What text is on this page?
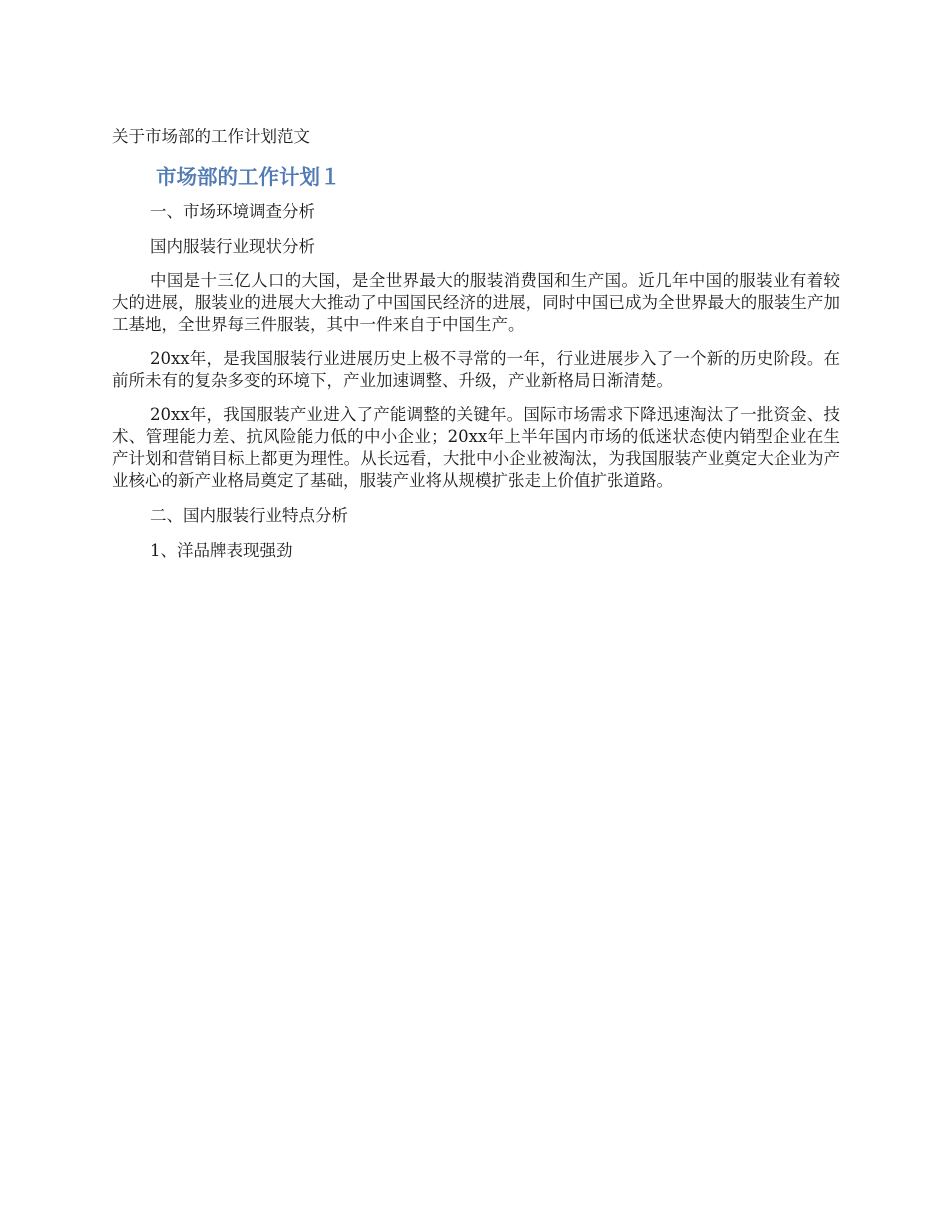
关于市场部的工作计划范文

市场部的工作计划１

一、市场环境调查分析

国内服装行业现状分析

中国是十三亿人口的大国，是全世界最大的服装消费国和生产国。近几年中国的服装业有着较大的进展，服装业的进展大大推动了中国国民经济的进展，同时中国已成为全世界最大的服装生产加工基地，全世界每三件服装，其中一件来自于中国生产。

20xx年，是我国服装行业进展历史上极不寻常的一年，行业进展步入了一个新的历史阶段。在前所未有的复杂多变的环境下，产业加速调整、升级，产业新格局日渐清楚。

20xx年，我国服装产业进入了产能调整的关键年。国际市场需求下降迅速淘汰了一批资金、技术、管理能力差、抗风险能力低的中小企业；20xx年上半年国内市场的低迷状态使内销型企业在生产计划和营销目标上都更为理性。从长远看，大批中小企业被淘汰，为我国服装产业奠定大企业为产业核心的新产业格局奠定了基础，服装产业将从规模扩张走上价值扩张道路。

二、国内服装行业特点分析

1、洋品牌表现强劲
